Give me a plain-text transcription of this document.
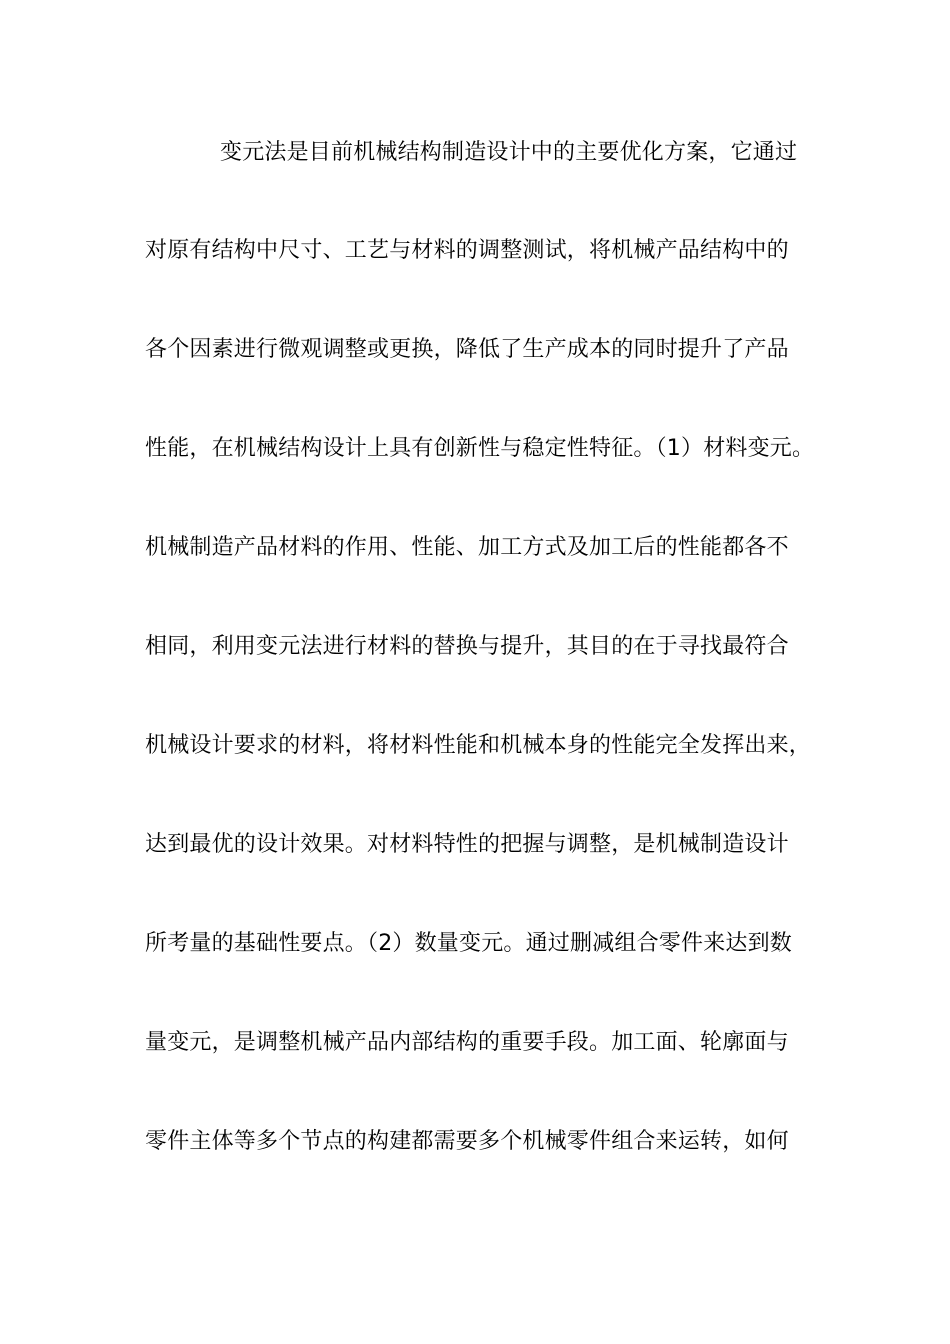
变元法是目前机械结构制造设计中的主要优化方案，它通过
对原有结构中尺寸、工艺与材料的调整测试，将机械产品结构中的
各个因素进行微观调整或更换，降低了生产成本的同时提升了产品
性能，在机械结构设计上具有创新性与稳定性特征。（1）材料变元。
机械制造产品材料的作用、性能、加工方式及加工后的性能都各不
相同，利用变元法进行材料的替换与提升，其目的在于寻找最符合
机械设计要求的材料，将材料性能和机械本身的性能完全发挥出来，
达到最优的设计效果。对材料特性的把握与调整，是机械制造设计
所考量的基础性要点。（2）数量变元。通过删减组合零件来达到数
量变元，是调整机械产品内部结构的重要手段。加工面、轮廓面与
零件主体等多个节点的构建都需要多个机械零件组合来运转，如何
